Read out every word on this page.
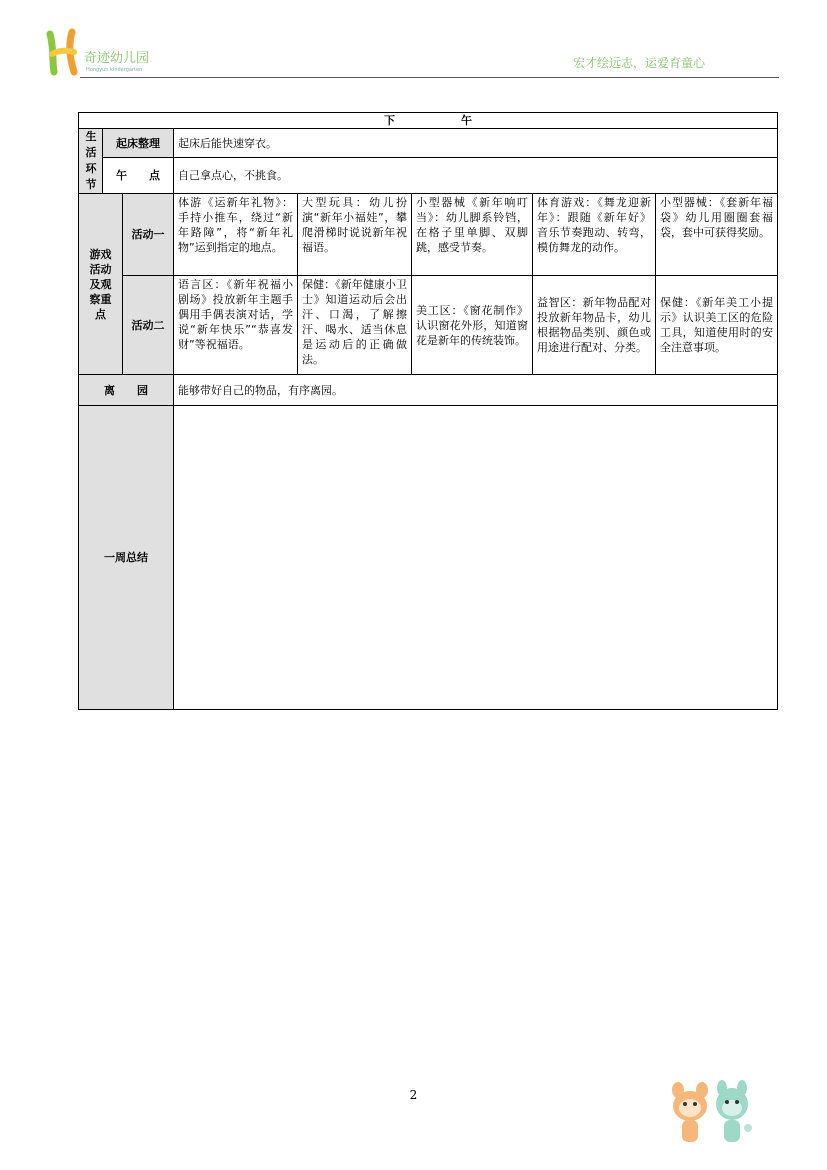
奇迹幼儿园
Hongyun kindergarten	宏才绘远志，运爱育童心
下　　　　　　午							

生活环节	起床整理		起床后能快速穿衣。				
	午　　点		自己拿点心，不挑食。				
游戏活动及观察重点		活动一	体游《运新年礼物》：手持小推车，绕过“新年路障”，将“新年礼物”运到指定的地点。	大型玩具：幼儿扮演“新年小福娃”，攀爬滑梯时说说新年祝福语。	小型器械《新年响叮当》：幼儿脚系铃铛，在格子里单脚、双脚跳，感受节奏。	体育游戏：《舞龙迎新年》：跟随《新年好》音乐节奏跑动、转弯，模仿舞龙的动作。	小型器械：《套新年福袋》幼儿用圈圈套福袋，套中可获得奖励。
		活动二	语言区：《新年祝福小剧场》投放新年主题手偶用手偶表演对话，学说“新年快乐”“恭喜发财”等祝福语。	保健：《新年健康小卫士》知道运动后会出汗、口渴，了解擦汗、喝水、适当休息是运动后的正确做法。	美工区：《窗花制作》认识窗花外形，知道窗花是新年的传统装饰。	益智区：新年物品配对 投放新年物品卡，幼儿根据物品类别、颜色或用途进行配对、分类。	保健：《新年美工小提示》认识美工区的危险工具，知道使用时的安全注意事项。
离　　园			能够带好自己的物品，有序离园。				
一周总结							
2
